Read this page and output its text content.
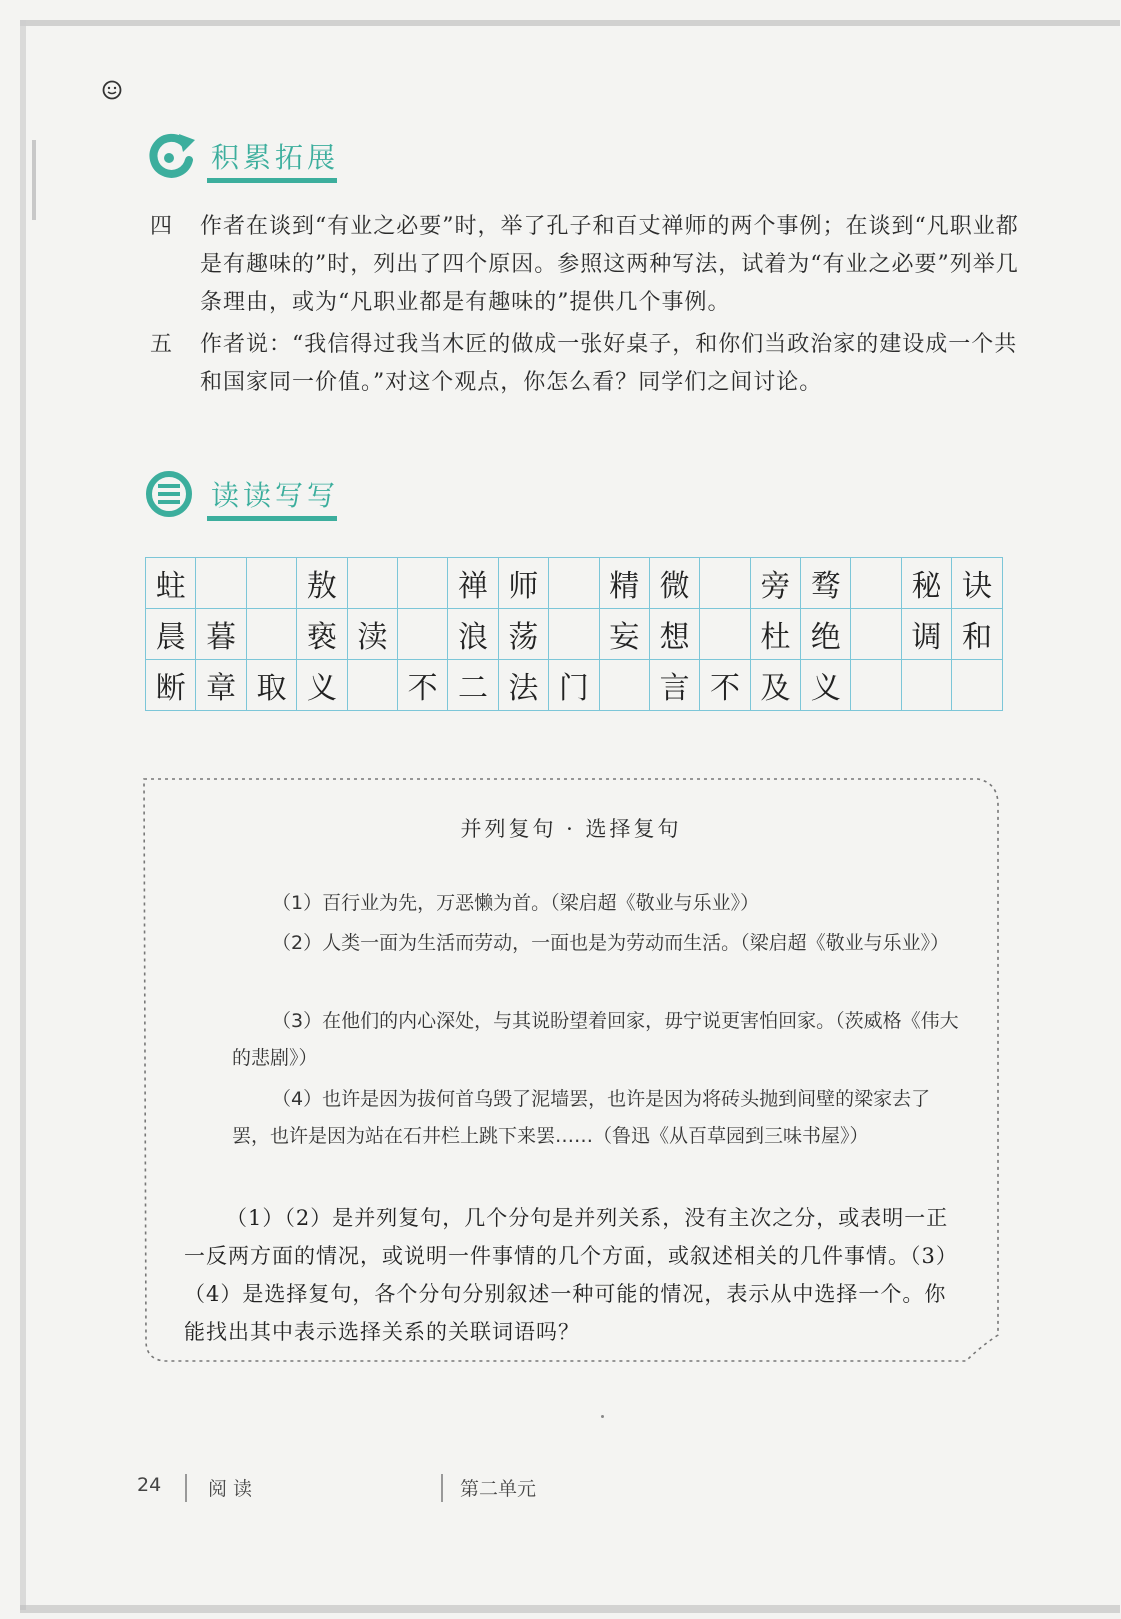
积累拓展
四	作者在谈到“有业之必要”时，举了孔子和百丈禅师的两个事例；在谈到“凡职业都是有趣味的”时，列出了四个原因。参照这两种写法，试着为“有业之必要”列举几条理由，或为“凡职业都是有趣味的”提供几个事例。
五	作者说：“我信得过我当木匠的做成一张好桌子，和你们当政治家的建设成一个共和国家同一价值。”对这个观点，你怎么看？同学们之间讨论。
读读写写
蛀			敖			禅	师		精	微		旁	骛		秘	诀
晨	暮		亵	渎		浪	荡		妄	想		杜	绝		调	和
断	章	取	义		不	二	法	门		言	不	及	义			
并列复句 · 选择复句
（1）百行业为先，万恶懒为首。（梁启超《敬业与乐业》）
（2）人类一面为生活而劳动，一面也是为劳动而生活。（梁启超《敬业与乐业》）
（3）在他们的内心深处，与其说盼望着回家，毋宁说更害怕回家。（茨威格《伟大的悲剧》）
（4）也许是因为拔何首乌毁了泥墙罢，也许是因为将砖头抛到间壁的梁家去了罢，也许是因为站在石井栏上跳下来罢……（鲁迅《从百草园到三味书屋》）
（1）（2）是并列复句，几个分句是并列关系，没有主次之分，或表明一正一反两方面的情况，或说明一件事情的几个方面，或叙述相关的几件事情。（3）（4）是选择复句，各个分句分别叙述一种可能的情况，表示从中选择一个。你能找出其中表示选择关系的关联词语吗？
24 阅 读	第二单元
